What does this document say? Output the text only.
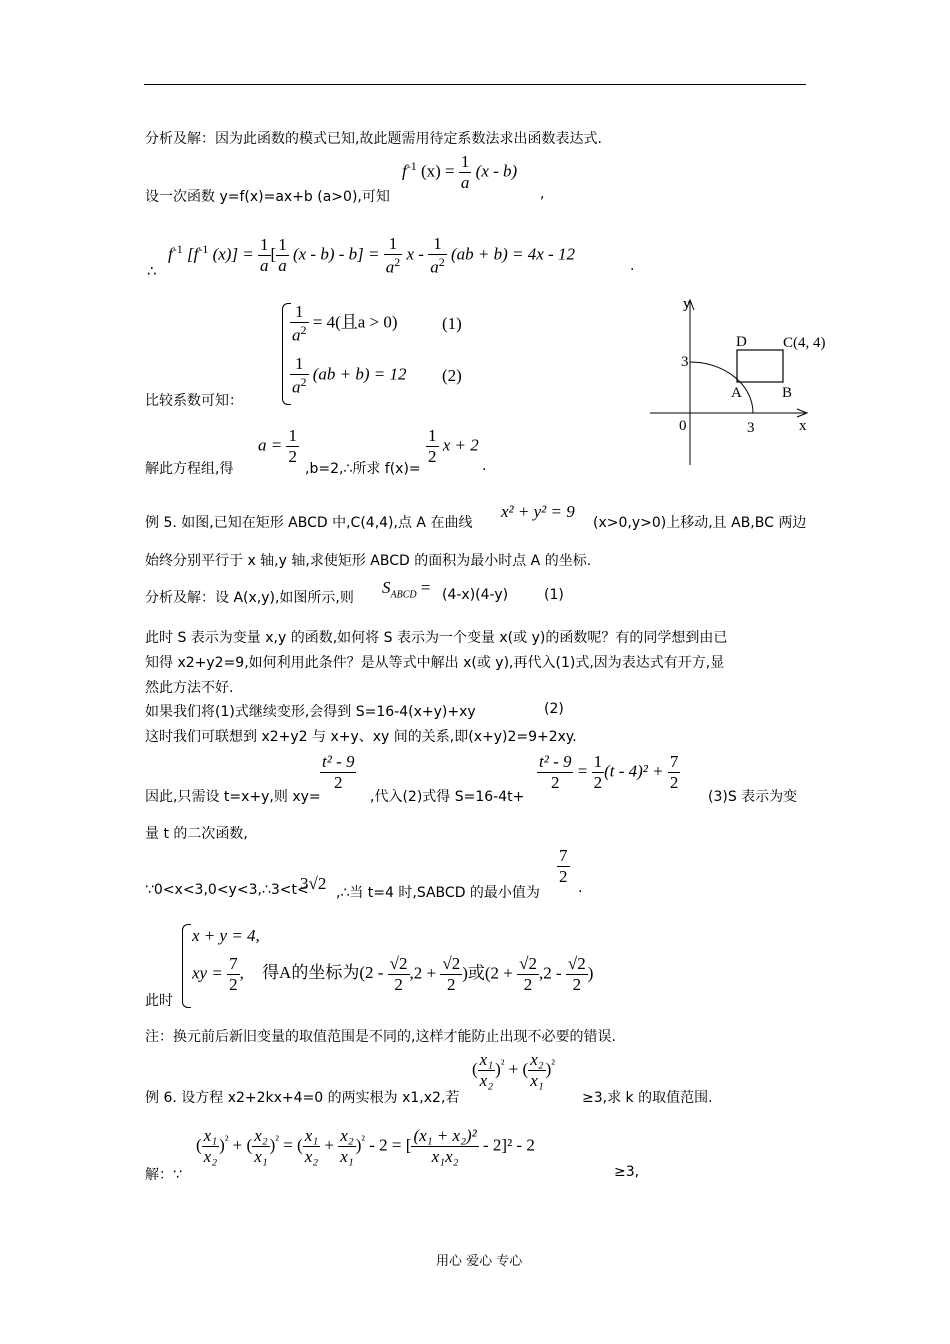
分析及解：因为此函数的模式已知,故此题需用待定系数法求出函数表达式.
$f^{-1}$ $(x) = \frac{1}{a} (x - b)$
设一次函数 y=f(x)=ax+b (a>0),可知	,
$f^{-1}$ [$f^{-1}$ $(x)] = \frac{1}{a}$ [ $\frac{1}{a} (x - b) - b] = \frac{1}{a^2}$ $x - \frac{1}{a^2} (ab + b) = 4x - 12$
∴	.
$\frac{1}{a^2} = 4$(且a > 0)	(1)
$\frac{1}{a^2} (ab + b) = 12$ (2)
比较系数可知：
$a = \frac{1}{2}$
解此方程组,得	,b=2,∴所求 f(x)=
$\frac{1}{2}$ x + 2
.
y
x
0
3
3
D C(4, 4)
A	B
例 5. 如图,已知在矩形 ABCD 中,C(4,4),点 A 在曲线
x² + y² = 9
(x>0,y>0)上移动,且 AB,BC 两边
始终分别平行于 x 轴,y 轴,求使矩形 ABCD 的面积为最小时点 A 的坐标.
分析及解：设 A(x,y),如图所示,则
$S_{ABCD} = (4-x)(4-y)$	(1)
此时 S 表示为变量 x,y 的函数,如何将 S 表示为一个变量 x(或 y)的函数呢？有的同学想到由已
知得 x2+y2=9,如何利用此条件？是从等式中解出 x(或 y),再代入(1)式,因为表达式有开方,显
然此方法不好.
如果我们将(1)式继续变形,会得到 S=16-4(x+y)+xy	(2)
这时我们可联想到 x2+y2 与 x+y、xy 间的关系,即(x+y)2=9+2xy.
因此,只需设 t=x+y,则 xy=
$\frac{\text{t² - 9}}{2}$
,代入(2)式得 S=16-4t+
$\frac{\text{t² - 9}}{2} = \frac{1}{2} (t - 4)^2 + \frac{7}{2}$
(3)S 表示为变
量 t 的二次函数,
∵0<x<3,0<y<3,∴3<t<
3√2 ,∴当 t=4 时,SABCD 的最小值为
$\frac{7}{2}$
.
x + y = 4,
xy = $\frac{7}{2}$ , 得A的坐标为($2 - \frac{√2}{2} ,2 + \frac{√2}{2}$ )或($2 + \frac{√2}{2} ,2 - \frac{√2}{2}$ )
此时
注：换元前后新旧变量的取值范围是不同的,这样才能防止出现不必要的错误.
例 6. 设方程 x2+2kx+4=0 的两实根为 x1,x2,若
( $\frac{\text{x₁}}{\text{x₂}} )^{^2}$ + ( $\frac{\text{x₂}}{\text{x₁}} )^{^2}$
≥3,求 k 的取值范围.
( $\frac{\text{x₁}}{\text{x₂}} )^{^2}$ + ( $\frac{\text{x₂}}{\text{x₁}} )^{^2}$ = ( $\frac{\text{x₁}}{\text{x₂}} + \frac{\text{x₂}}{\text{x₁}} )^{^2} - 2$ = [ $\frac{\text{(x₁ + x₂)²}}{\text{x₁x₂}} - 2]^2 - 2$
解：∵	≥3,
用心 爱心 专心
